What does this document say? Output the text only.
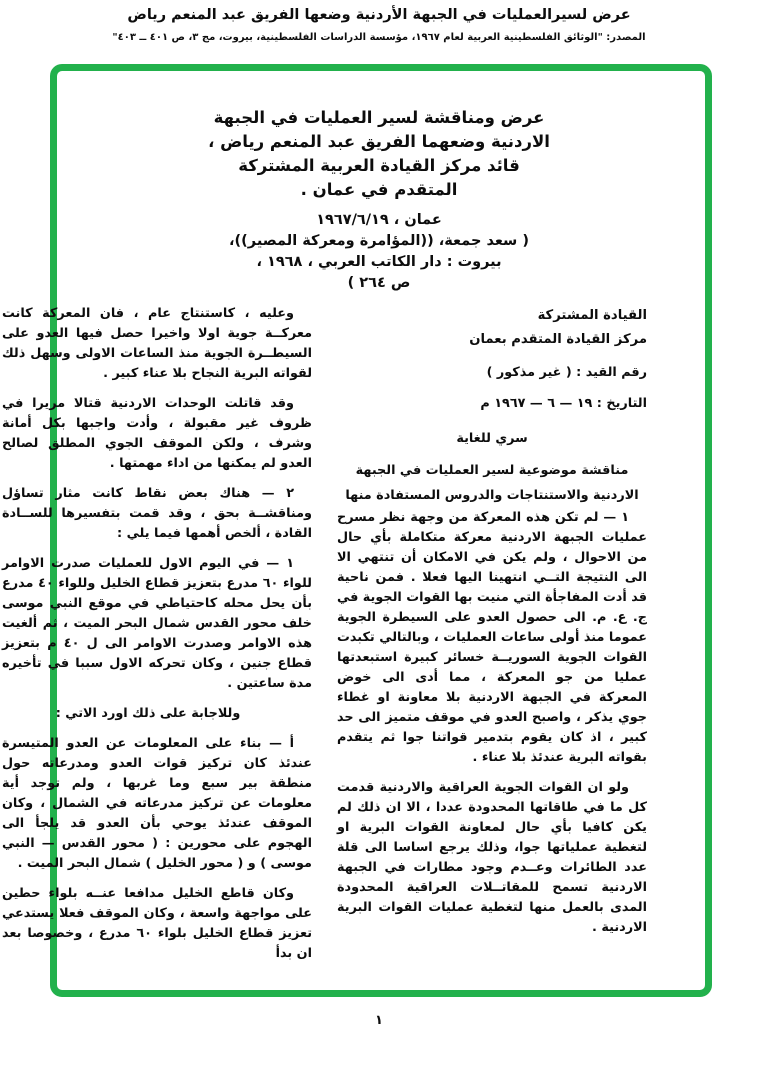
عرض لسيرالعمليات في الجبهة الأردنية وضعها الفريق عبد المنعم رياض
المصدر: "الوثائق الفلسطينية العربية لعام ١٩٦٧، مؤسسة الدراسات الفلسطينية، بيروت، مج ٣، ص ٤٠١ ــ ٤٠٣"
عرض ومناقشة لسير العمليات في الجبهة
الاردنية وضعهما الفريق عبد المنعم رياض ،
قائد مركز القيادة العربية المشتركة
المتقدم في عمان .
عمان ، ١٩٦٧/٦/١٩
( سعد جمعة، ((المؤامرة ومعركة المصير))،
بيروت : دار الكاتب العربي ، ١٩٦٨ ،
ص ٢٦٤ )
القيادة المشتركة
مركز القيادة المتقدم بعمان
رقم القيد : ( غير مذكور )
التاريخ : ١٩ — ٦ — ١٩٦٧ م
سري للغاية
مناقشة موضوعية لسير العمليات في الجبهة
الاردنية والاستنتاجات والدروس المستفادة منها

١ — لم تكن هذه المعركة من وجهة نظر مسرح عمليات الجبهة الاردنية معركة متكاملة بأي حال من الاحوال ، ولم يكن في الامكان أن تنتهي الا الى النتيجة التــي انتهينا اليها فعلا . فمن ناحية قد أدت المفاجأة التي منيت بها القوات الجوية في ج. ع. م. الى حصول العدو على السيطرة الجوية عموما منذ أولى ساعات العمليات ، وبالتالي تكبدت القوات الجوية السوريــة خسائر كبيرة استبعدتها عمليا من جو المعركة ، مما أدى الى خوض المعركة في الجبهة الاردنية بلا معاونة او غطاء جوي يذكر ، واصبح العدو في موقف متميز الى حد كبير ، اذ كان يقوم بتدمير قواتنا جوا ثم يتقدم بقواته البرية عندئذ بلا عناء .

ولو ان القوات الجوية العراقية والاردنية قدمت كل ما في طاقاتها المحدودة عددا ، الا ان ذلك لم يكن كافيا بأي حال لمعاونة القوات البرية او لتغطية عملياتها جوا، وذلك يرجع اساسا الى قلة عدد الطائرات وعــدم وجود مطارات في الجبهة الاردنية تسمح للمقاتــلات العراقية المحدودة المدى بالعمل منها لتغطية عمليات القوات البرية الاردنية .

وعليه ، كاستنتاج عام ، فان المعركة كانت معركــة جوية اولا واخيرا حصل فيها العدو على السيطــرة الجوية منذ الساعات الاولى وسهل ذلك لقواته البرية النجاح بلا عناء كبير .

وقد قاتلت الوحدات الاردنية قتالا مريرا في ظروف غير مقبولة ، وأدت واجبها بكل أمانة وشرف ، ولكن الموقف الجوي المطلق لصالح العدو لم يمكنها من اداء مهمتها .

٢ — هناك بعض نقاط كانت مثار تساؤل ومناقشــة بحق ، وقد قمت بتفسيرها للســادة القادة ، ألخص أهمها فيما يلي :

١ — في اليوم الاول للعمليات صدرت الاوامر للواء ٦٠ مدرع بتعزيز قطاع الخليل وللواء ٤٠ مدرع بأن يحل محله كاحتياطي في موقع النبي موسى خلف محور القدس شمال البحر الميت ، ثم ألغيت هذه الاوامر وصدرت الاوامر الى ل ٤٠ م بتعزيز قطاع جنين ، وكان تحركه الاول سببا في تأخيره مدة ساعتين .

وللاجابة على ذلك اورد الاتي :

أ — بناء على المعلومات عن العدو المتيسرة عندئذ كان تركيز قوات العدو ومدرعاته حول منطقة بير سبع وما غربها ، ولم توجد أية معلومات عن تركيز مدرعاته في الشمال ، وكان الموقف عندئذ يوحي بأن العدو قد يلجأ الى الهجوم على محورين : ( محور القدس — النبي موسى ) و ( محور الخليل ) شمال البحر الميت .

وكان قاطع الخليل مدافعا عنــه بلواء حطين على مواجهة واسعة ، وكان الموقف فعلا يستدعي تعزيز قطاع الخليل بلواء ٦٠ مدرع ، وخصوصا بعد ان بدأ

١
